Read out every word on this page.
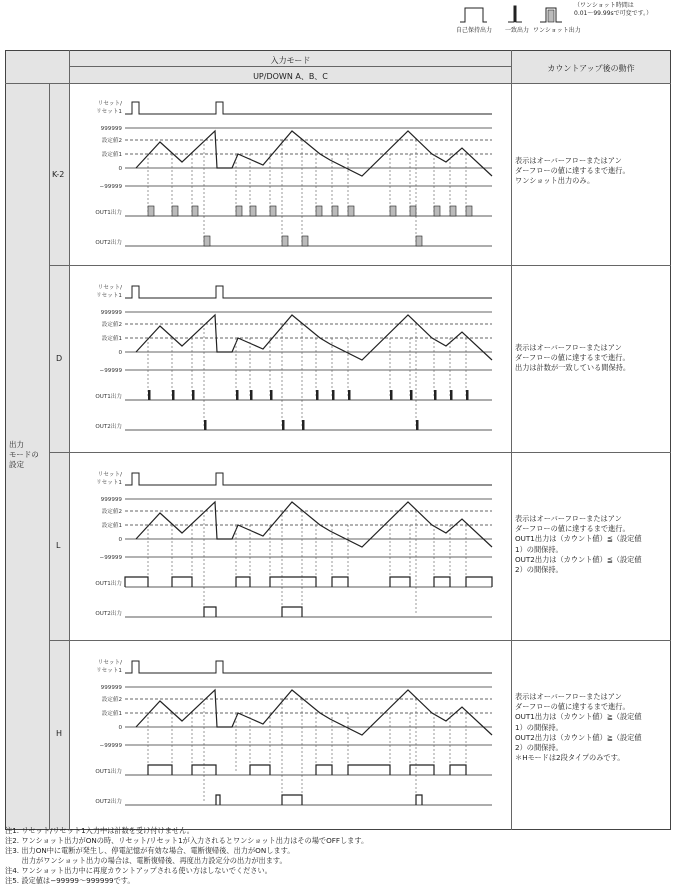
自己保持出力 一致出力 ワンショット出力
（ワンショット時間は
0.01～99.99sで可変です。）
入力モード
UP/DOWN A、B、C
カウントアップ後の動作
出力
モードの
設定
K-2
D
L
H
表示はオーバーフローまたはアン
ダーフローの値に達するまで進行。
ワンショット出力のみ。
表示はオーバーフローまたはアン
ダーフローの値に達するまで進行。
出力は計数が一致している間保持。
表示はオーバーフローまたはアン
ダーフローの値に達するまで進行。
OUT1出力は（カウント値）≦（設定値
1）の間保持。
OUT2出力は（カウント値）≦（設定値
2）の間保持。
表示はオーバーフローまたはアン
ダーフローの値に達するまで進行。
OUT1出力は（カウント値）≧（設定値
1）の間保持。
OUT2出力は（カウント値）≧（設定値
2）の間保持。
＊Hモードは2段タイプのみです。
リセット/
リセット1
999999
設定値2
設定値1
0
−99999
OUT1出力
OUT2出力
リセット/
リセット1
999999
設定値2
設定値1
0
−99999
OUT1出力
OUT2出力
リセット/
リセット1
999999
設定値2
設定値1
0
−99999
OUT1出力
OUT2出力
リセット/
リセット1
999999
設定値2
設定値1
0
−99999
OUT1出力
OUT2出力
注1. リセット/リセット1入力中は計数を受け付けません。
注2. ワンショット出力がONの時、リセット/リセット1が入力されるとワンショット出力はその場でOFFします。
注3. 出力ON中に電断が発生し、停電記憶が有効な場合、電断復帰後、出力がONします。
　　 出力がワンショット出力の場合は、電断復帰後、再度出力設定分の出力が出ます。
注4. ワンショット出力中に再度カウントアップされる使い方はしないでください。
注5. 設定値は−99999～999999です。
